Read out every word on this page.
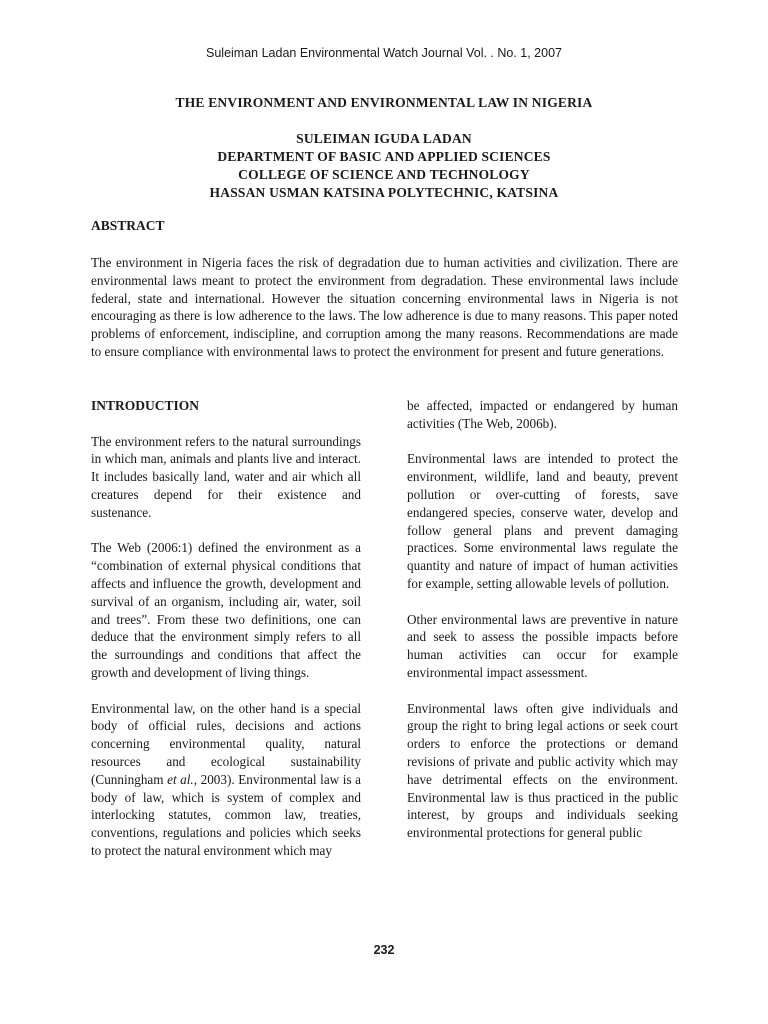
Suleiman Ladan Environmental Watch Journal Vol. . No. 1, 2007
THE ENVIRONMENT AND ENVIRONMENTAL LAW IN NIGERIA
SULEIMAN IGUDA LADAN
DEPARTMENT OF BASIC AND APPLIED SCIENCES
COLLEGE OF SCIENCE AND TECHNOLOGY
HASSAN USMAN KATSINA POLYTECHNIC, KATSINA
ABSTRACT
The environment in Nigeria faces the risk of degradation due to human activities and civilization. There are environmental laws meant to protect the environment from degradation. These environmental laws include federal, state and international. However the situation concerning environmental laws in Nigeria is not encouraging as there is low adherence to the laws. The low adherence is due to many reasons. This paper noted problems of enforcement, indiscipline, and corruption among the many reasons. Recommendations are made to ensure compliance with environmental laws to protect the environment for present and future generations.
INTRODUCTION

The environment refers to the natural surroundings in which man, animals and plants live and interact. It includes basically land, water and air which all creatures depend for their existence and sustenance.

The Web (2006:1) defined the environment as a “combination of external physical conditions that affects and influence the growth, development and survival of an organism, including air, water, soil and trees”. From these two definitions, one can deduce that the environment simply refers to all the surroundings and conditions that affect the growth and development of living things.

Environmental law, on the other hand is a special body of official rules, decisions and actions concerning environmental quality, natural resources and ecological sustainability (Cunningham et al., 2003). Environmental law is a body of law, which is system of complex and interlocking statutes, common law, treaties, conventions, regulations and policies which seeks to protect the natural environment which may

be affected, impacted or endangered by human activities (The Web, 2006b).

Environmental laws are intended to protect the environment, wildlife, land and beauty, prevent pollution or over-cutting of forests, save endangered species, conserve water, develop and follow general plans and prevent damaging practices. Some environmental laws regulate the quantity and nature of impact of human activities for example, setting allowable levels of pollution.

Other environmental laws are preventive in nature and seek to assess the possible impacts before human activities can occur for example environmental impact assessment.

Environmental laws often give individuals and group the right to bring legal actions or seek court orders to enforce the protections or demand revisions of private and public activity which may have detrimental effects on the environment. Environmental law is thus practiced in the public interest, by groups and individuals seeking environmental protections for general public

232
